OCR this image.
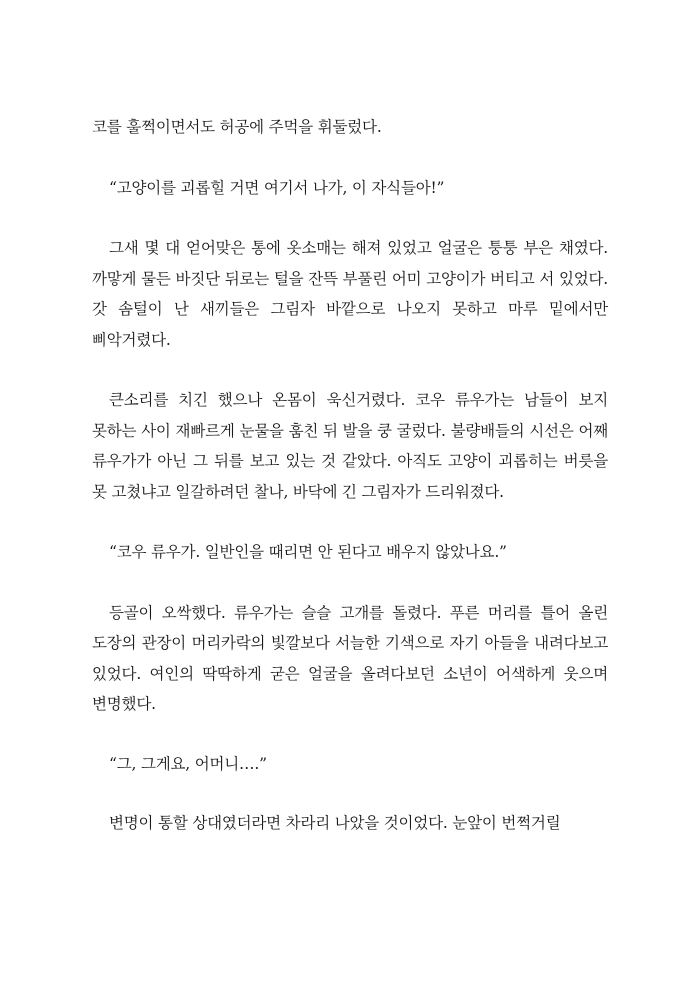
코를 훌쩍이면서도 허공에 주먹을 휘둘렀다.

“고양이를 괴롭힐 거면 여기서 나가, 이 자식들아!”

그새 몇 대 얻어맞은 통에 옷소매는 해져 있었고 얼굴은 퉁퉁 부은 채였다. 까맣게 물든 바짓단 뒤로는 털을 잔뜩 부풀린 어미 고양이가 버티고 서 있었다. 갓 솜털이 난 새끼들은 그림자 바깥으로 나오지 못하고 마루 밑에서만 삐악거렸다.

큰소리를 치긴 했으나 온몸이 욱신거렸다. 코우 류우가는 남들이 보지 못하는 사이 재빠르게 눈물을 훔친 뒤 발을 쿵 굴렀다. 불량배들의 시선은 어째 류우가가 아닌 그 뒤를 보고 있는 것 같았다. 아직도 고양이 괴롭히는 버릇을 못 고쳤냐고 일갈하려던 찰나, 바닥에 긴 그림자가 드리워졌다.

“코우 류우가. 일반인을 때리면 안 된다고 배우지 않았나요.”

등골이 오싹했다. 류우가는 슬슬 고개를 돌렸다. 푸른 머리를 틀어 올린 도장의 관장이 머리카락의 빛깔보다 서늘한 기색으로 자기 아들을 내려다보고 있었다. 여인의 딱딱하게 굳은 얼굴을 올려다보던 소년이 어색하게 웃으며 변명했다.

“그, 그게요, 어머니….”

변명이 통할 상대였더라면 차라리 나았을 것이었다. 눈앞이 번쩍거릴
